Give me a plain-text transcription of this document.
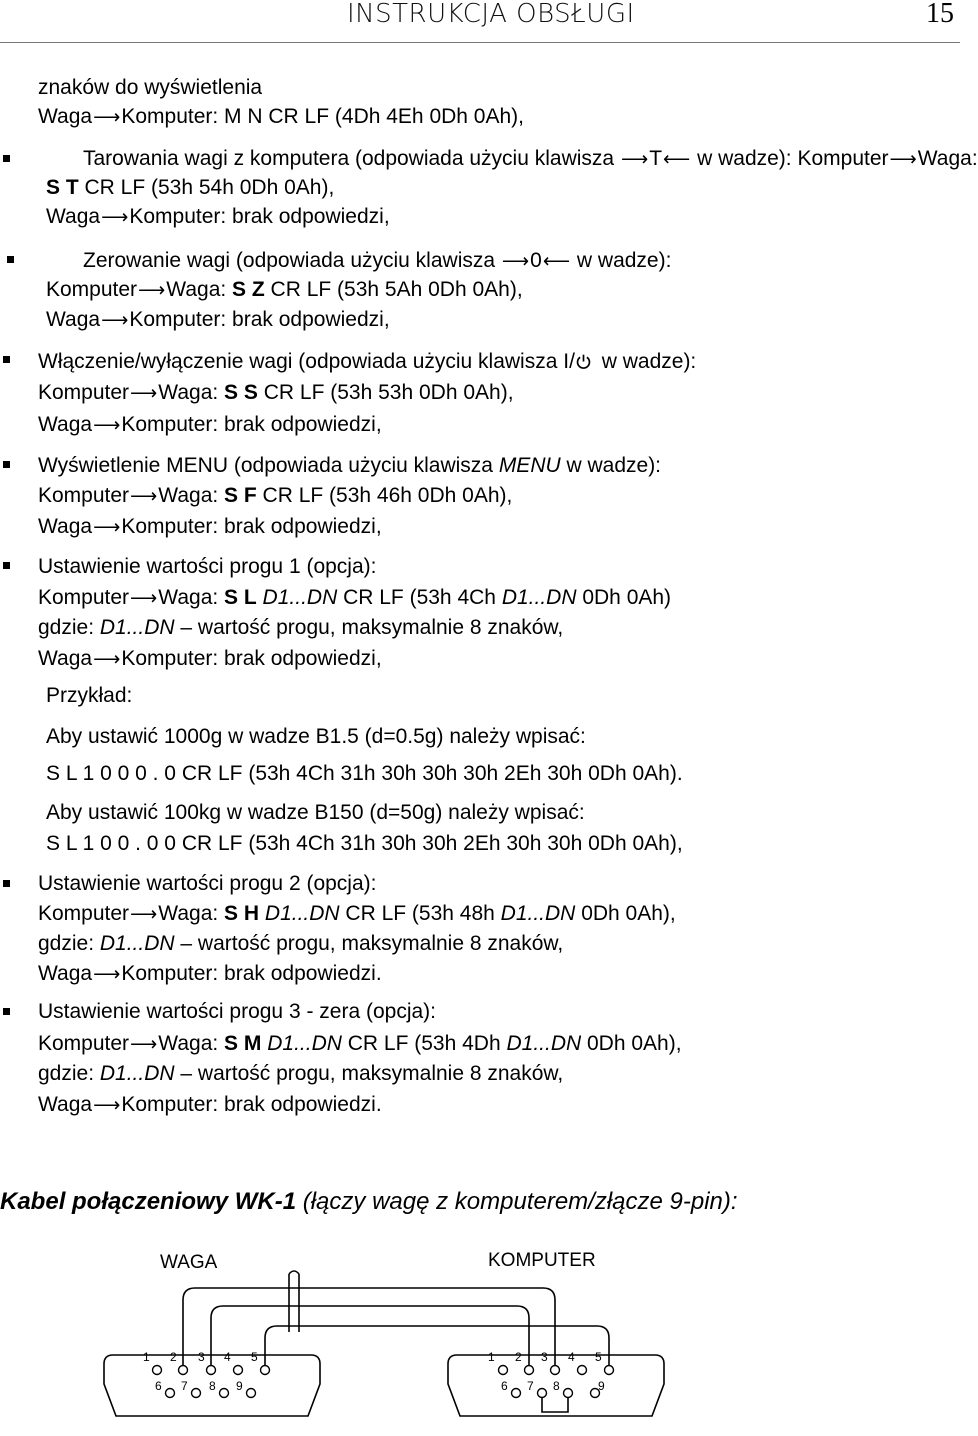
INSTRUKCJA OBSŁUGI	15
znaków do wyświetlenia
Waga⟶Komputer: M N CR LF (4Dh 4Eh 0Dh 0Ah),
Tarowania wagi z komputera (odpowiada użyciu klawisza ⟶T⟵ w wadze): Komputer⟶Waga:
S T CR LF (53h 54h 0Dh 0Ah),
Waga⟶Komputer: brak odpowiedzi,
Zerowanie wagi (odpowiada użyciu klawisza ⟶0⟵ w wadze):
Komputer⟶Waga: S Z CR LF (53h 5Ah 0Dh 0Ah),
Waga⟶Komputer: brak odpowiedzi,
Włączenie/wyłączenie wagi (odpowiada użyciu klawisza I/ w wadze):
Komputer⟶Waga: S S CR LF (53h 53h 0Dh 0Ah),
Waga⟶Komputer: brak odpowiedzi,
Wyświetlenie MENU (odpowiada użyciu klawisza MENU w wadze):
Komputer⟶Waga: S F CR LF (53h 46h 0Dh 0Ah),
Waga⟶Komputer: brak odpowiedzi,
Ustawienie wartości progu 1 (opcja):
Komputer⟶Waga: S L D1...DN CR LF (53h 4Ch D1...DN 0Dh 0Ah)
gdzie: D1...DN – wartość progu, maksymalnie 8 znaków,
Waga⟶Komputer: brak odpowiedzi,
Przykład:
Aby ustawić 1000g w wadze B1.5 (d=0.5g) należy wpisać:
S L 1 0 0 0 . 0 CR LF (53h 4Ch 31h 30h 30h 30h 2Eh 30h 0Dh 0Ah).
Aby ustawić 100kg w wadze B150 (d=50g) należy wpisać:
S L 1 0 0 . 0 0 CR LF (53h 4Ch 31h 30h 30h 2Eh 30h 30h 0Dh 0Ah),
Ustawienie wartości progu 2 (opcja):
Komputer⟶Waga: S H D1...DN CR LF (53h 48h D1...DN 0Dh 0Ah),
gdzie: D1...DN – wartość progu, maksymalnie 8 znaków,
Waga⟶Komputer: brak odpowiedzi.
Ustawienie wartości progu 3 - zera (opcja):
Komputer⟶Waga: S M D1...DN CR LF (53h 4Dh D1...DN 0Dh 0Ah),
gdzie: D1...DN – wartość progu, maksymalnie 8 znaków,
Waga⟶Komputer: brak odpowiedzi.
Kabel połączeniowy WK-1 (łączy wagę z komputerem/złącze 9-pin):
WAGA	KOMPUTER
1 2 3 4 5
6 7 8 9
1 2 3 4 5
6 7 8	9
